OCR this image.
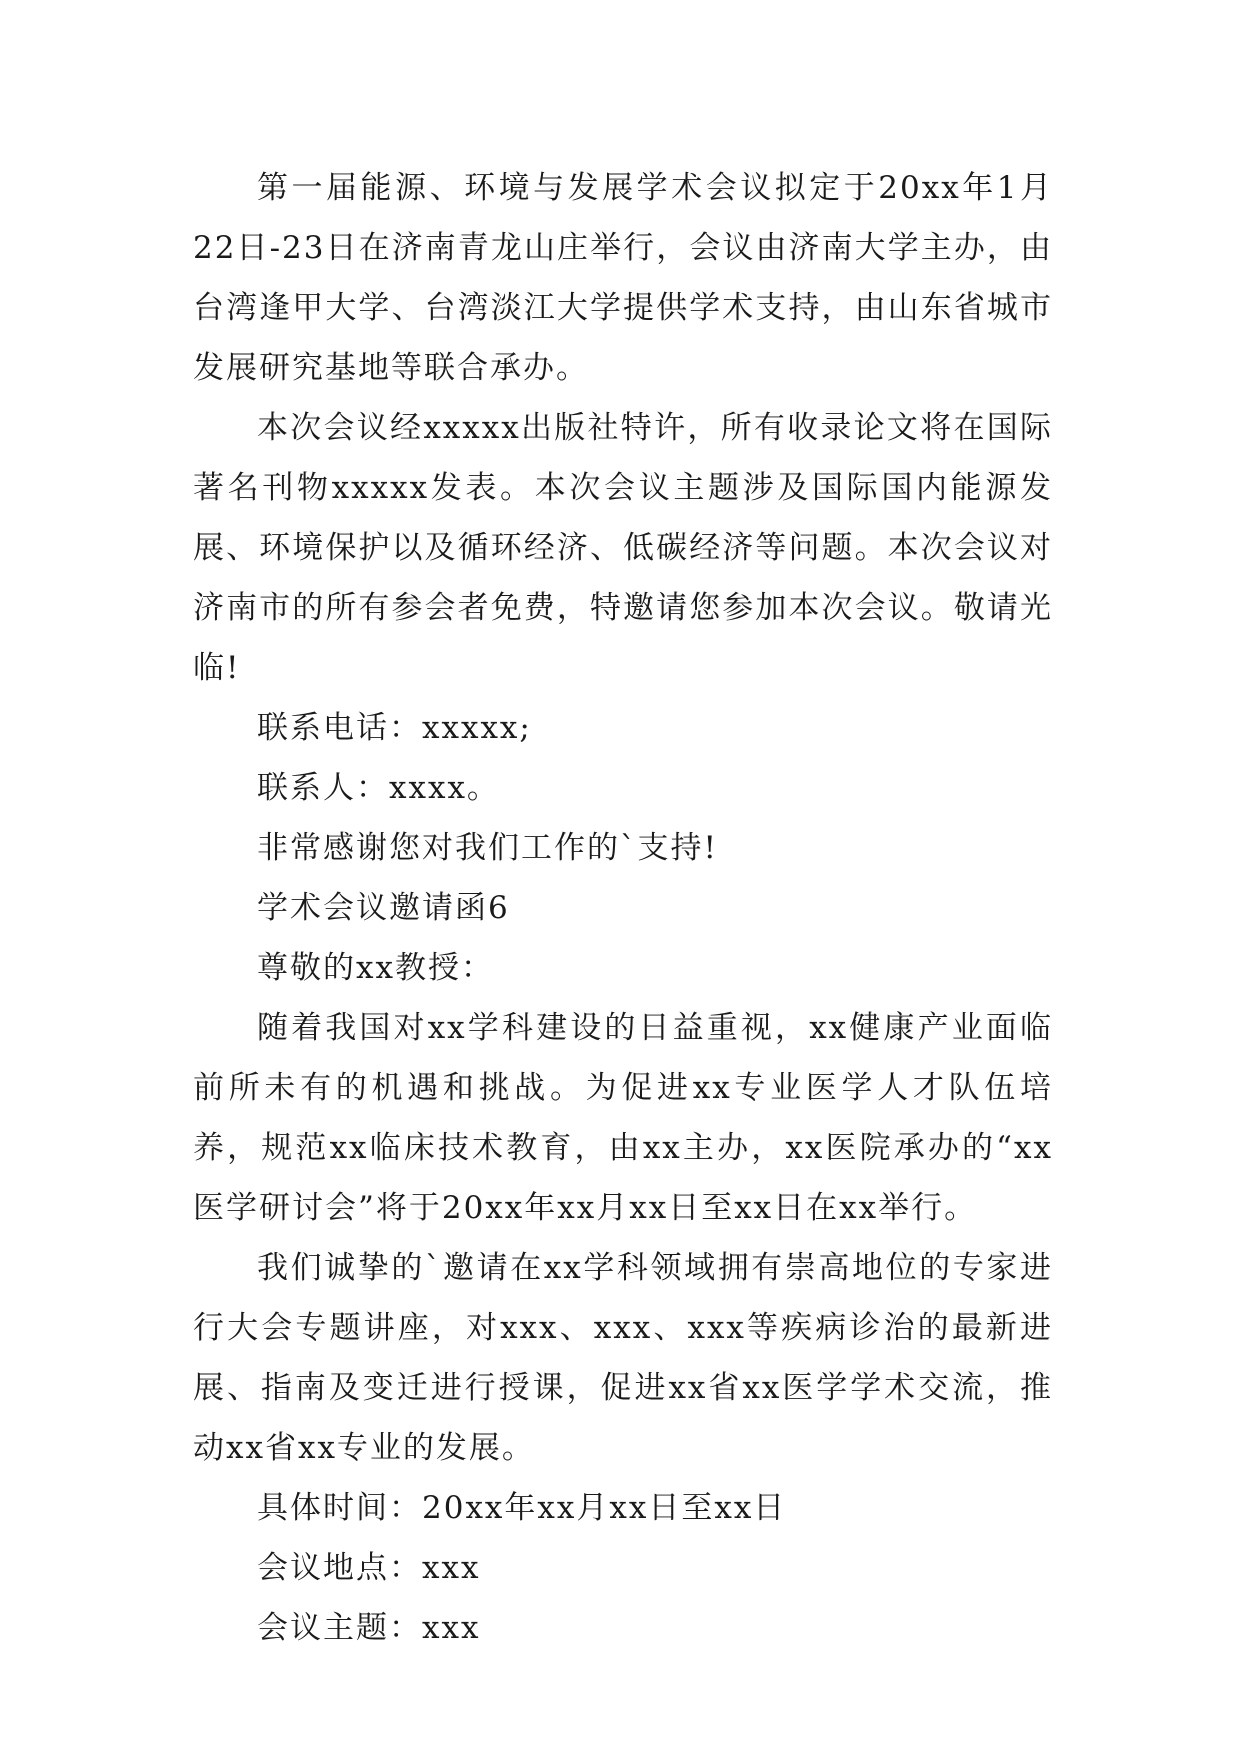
第一届能源、环境与发展学术会议拟定于20xx年1月22日-23日在济南青龙山庄举行，会议由济南大学主办，由台湾逢甲大学、台湾淡江大学提供学术支持，由山东省城市发展研究基地等联合承办。

本次会议经xxxxx出版社特许，所有收录论文将在国际著名刊物xxxxx发表。本次会议主题涉及国际国内能源发展、环境保护以及循环经济、低碳经济等问题。本次会议对济南市的所有参会者免费，特邀请您参加本次会议。敬请光临!

联系电话：xxxxx;

联系人：xxxx。

非常感谢您对我们工作的`支持!

学术会议邀请函6

尊敬的xx教授：

随着我国对xx学科建设的日益重视，xx健康产业面临前所未有的机遇和挑战。为促进xx专业医学人才队伍培养，规范xx临床技术教育，由xx主办，xx医院承办的“xx医学研讨会”将于20xx年xx月xx日至xx日在xx举行。

我们诚挚的`邀请在xx学科领域拥有崇高地位的专家进行大会专题讲座，对xxx、xxx、xxx等疾病诊治的最新进展、指南及变迁进行授课，促进xx省xx医学学术交流，推动xx省xx专业的发展。

具体时间：20xx年xx月xx日至xx日

会议地点：xxx

会议主题：xxx
